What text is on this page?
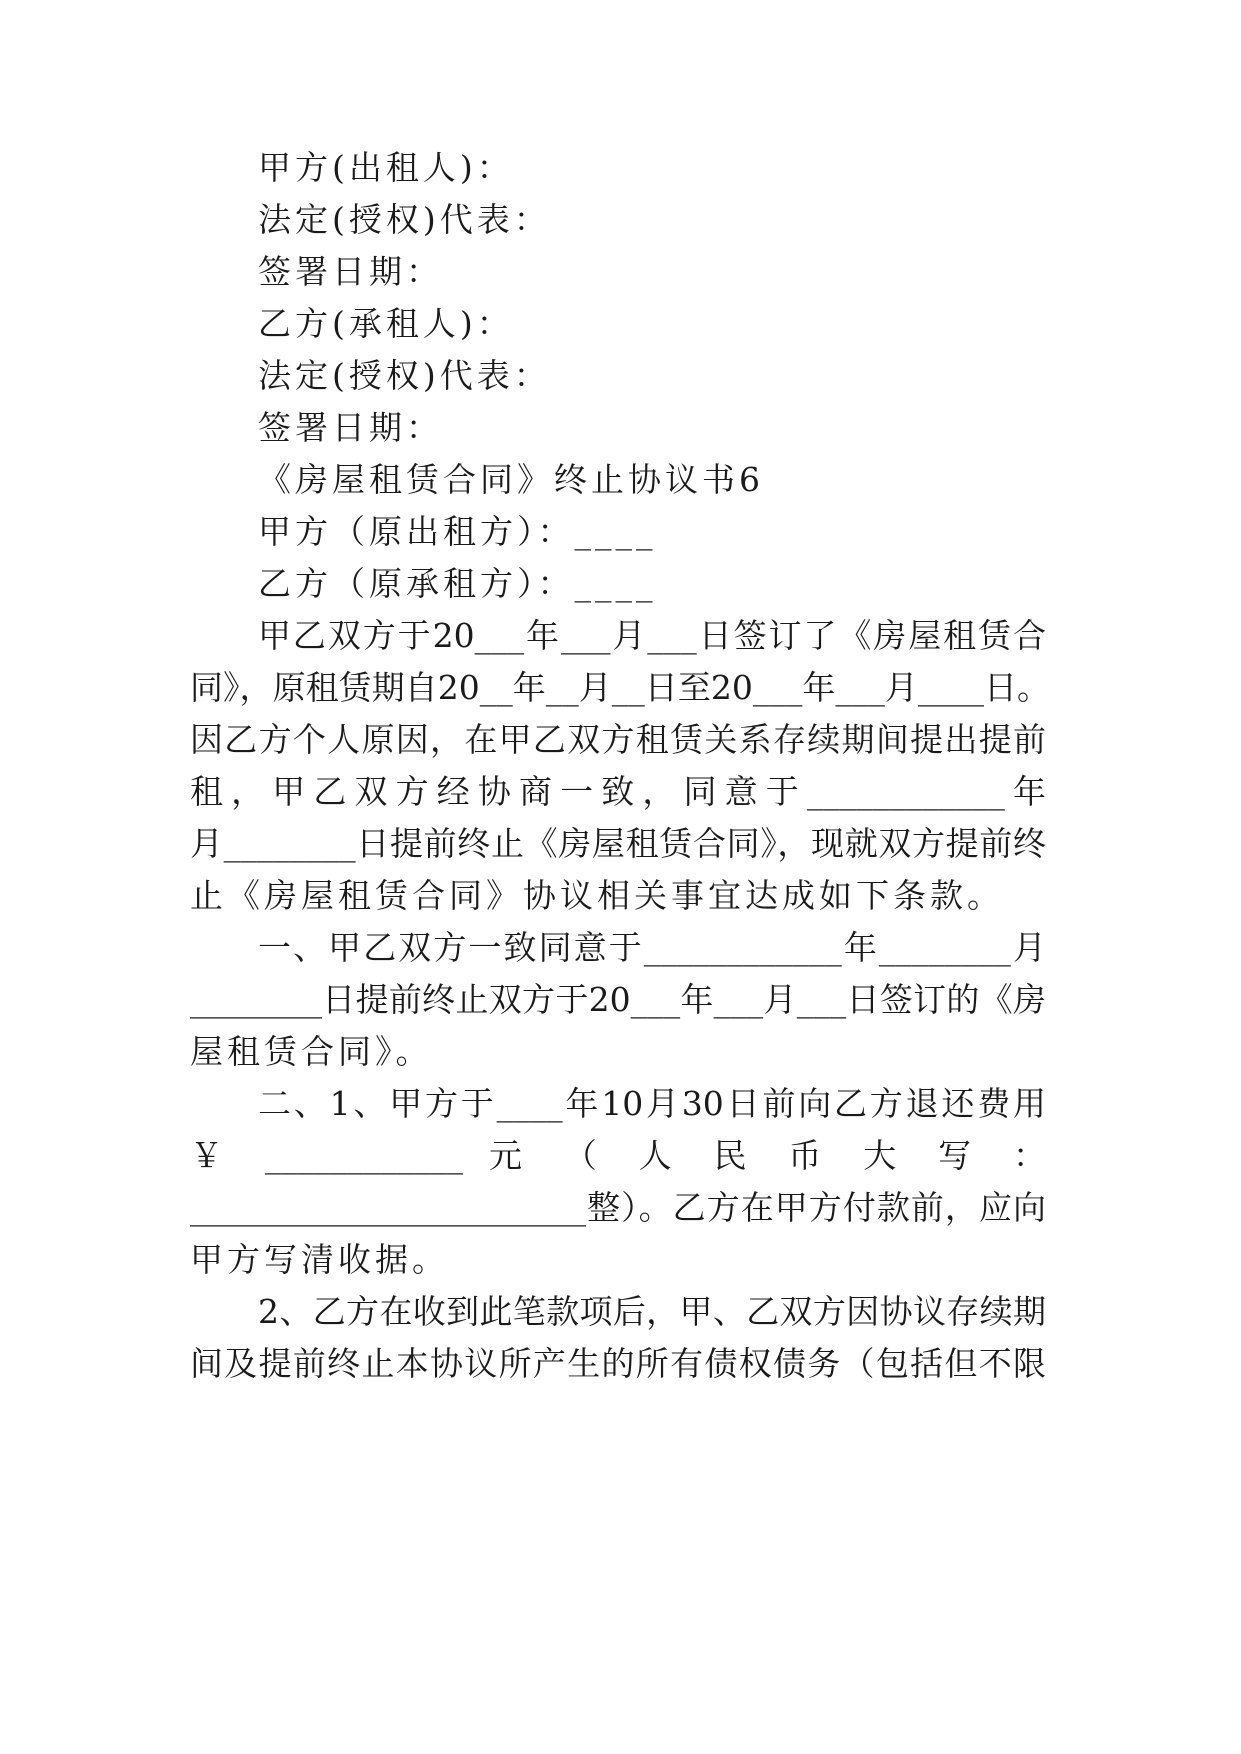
甲方(出租人)：
法定(授权)代表：
签署日期：
乙方(承租人)：
法定(授权)代表：
签署日期：
《房屋租赁合同》终止协议书6
甲方（原出租方）：____
乙方（原承租方）：____
甲乙双方于20___年___月___日签订了《房屋租赁合
同》，原租赁期自20__年__月__日至20___年___月____日。
因乙方个人原因，在甲乙双方租赁关系存续期间提出提前
租，甲乙双方经协商一致，同意于____________年
月________日提前终止《房屋租赁合同》，现就双方提前终
止《房屋租赁合同》协议相关事宜达成如下条款。
一、甲乙双方一致同意于____________年________月
________日提前终止双方于20___年___月___日签订的《房
屋租赁合同》。
二、1、甲方于____年10月30日前向乙方退还费用
￥ ____________ 元 （ 人 民 币 大 写 ：
________________________整）。乙方在甲方付款前，应向
甲方写清收据。
2、乙方在收到此笔款项后，甲、乙双方因协议存续期
间及提前终止本协议所产生的所有债权债务（包括但不限
